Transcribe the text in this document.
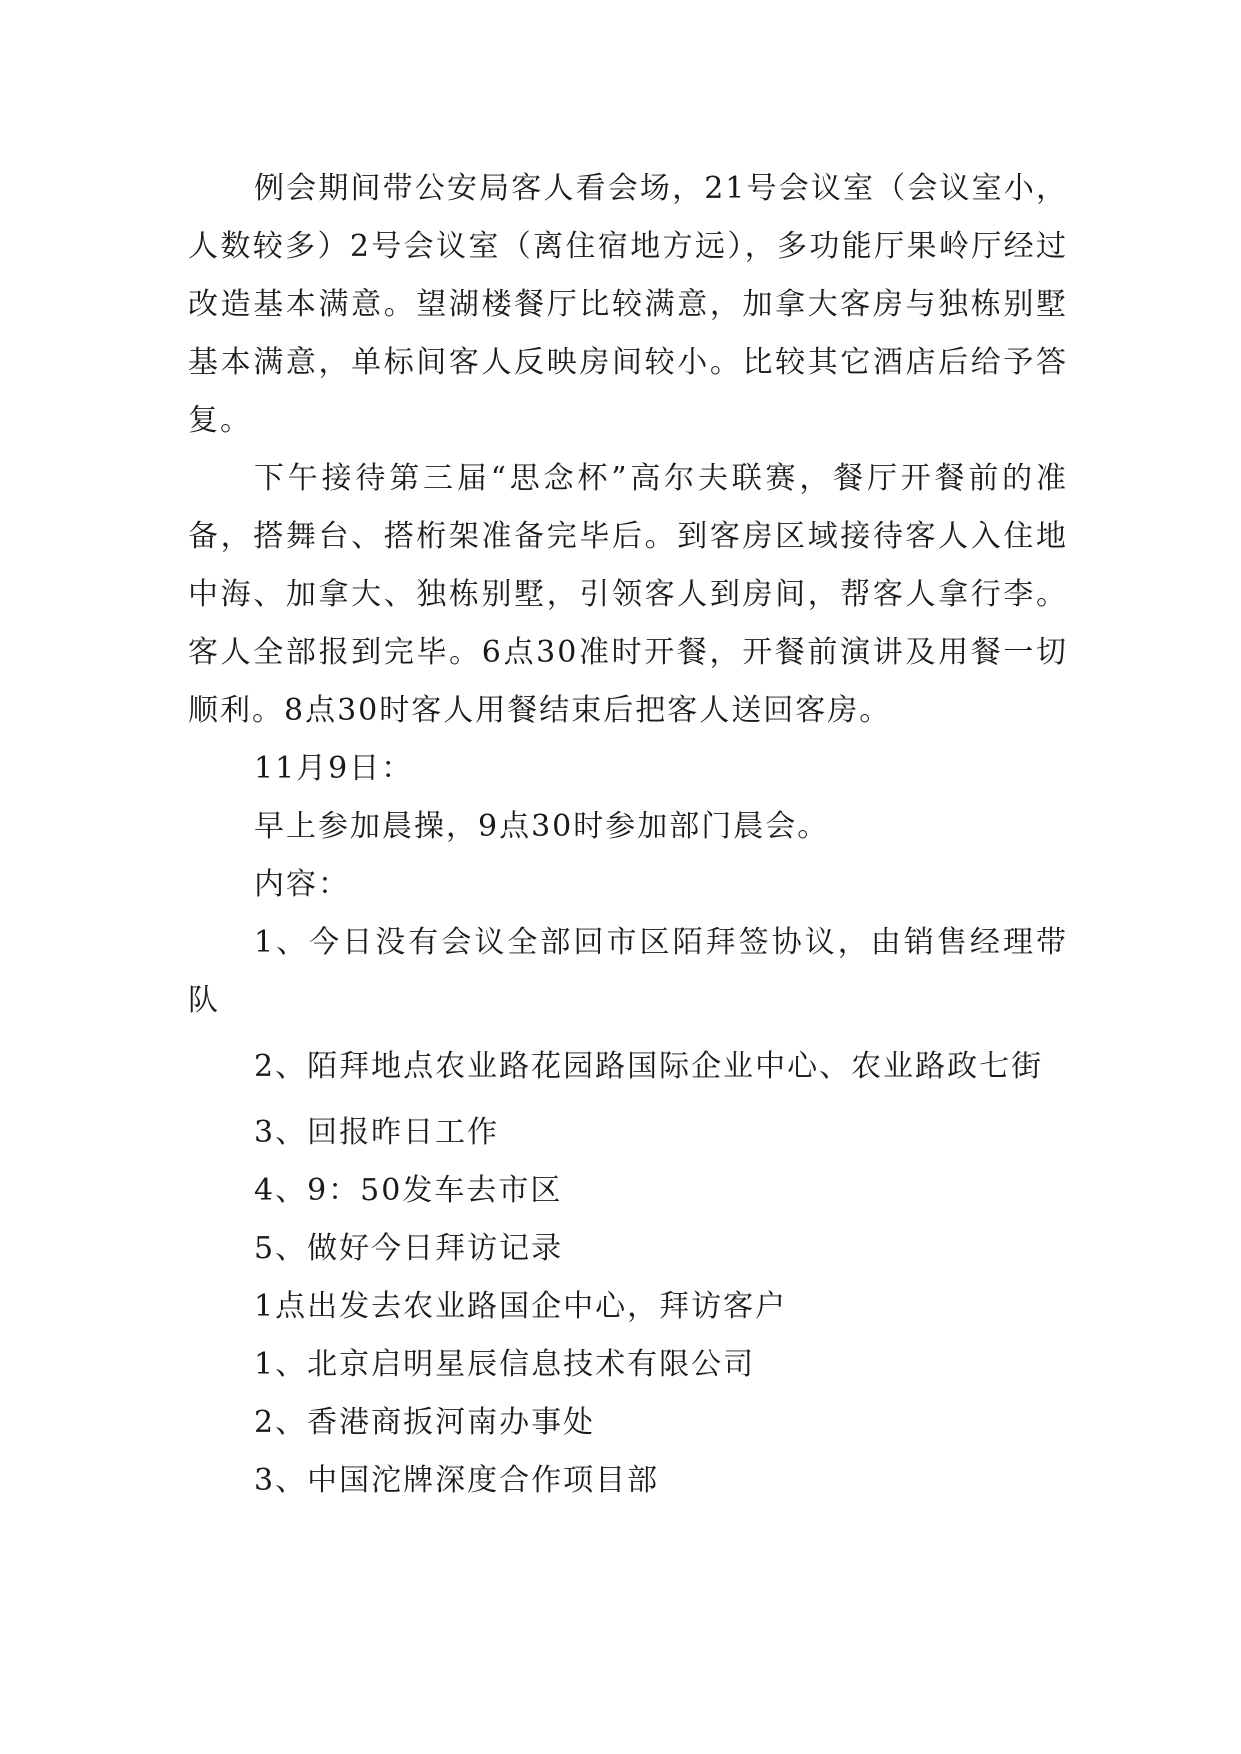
例会期间带公安局客人看会场，21号会议室（会议室小，人数较多）2号会议室（离住宿地方远），多功能厅果岭厅经过改造基本满意。望湖楼餐厅比较满意，加拿大客房与独栋别墅基本满意，单标间客人反映房间较小。比较其它酒店后给予答复。

下午接待第三届“思念杯”高尔夫联赛，餐厅开餐前的准备，搭舞台、搭桁架准备完毕后。到客房区域接待客人入住地中海、加拿大、独栋别墅，引领客人到房间，帮客人拿行李。客人全部报到完毕。6点30准时开餐，开餐前演讲及用餐一切顺利。8点30时客人用餐结束后把客人送回客房。

11月9日：

早上参加晨操，9点30时参加部门晨会。

内容：

1、今日没有会议全部回市区陌拜签协议，由销售经理带队

2、陌拜地点农业路花园路国际企业中心、农业路政七街

3、回报昨日工作

4、9：50发车去市区

5、做好今日拜访记录

1点出发去农业路国企中心，拜访客户

1、北京启明星辰信息技术有限公司

2、香港商扳河南办事处

3、中国沱牌深度合作项目部
